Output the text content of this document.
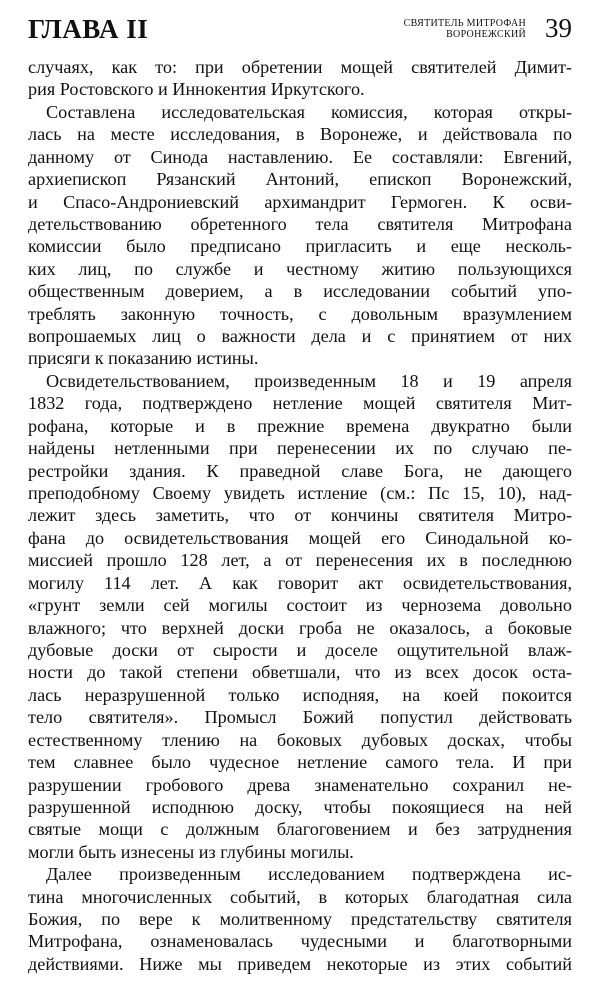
ГЛАВА II	СВЯТИТЕЛЬ МИТРОФАН
ВОРОНЕЖСКИЙ 39
случаях, как то: при обретении мощей святителей Димит-
рия Ростовского и Иннокентия Иркутского.
Составлена исследовательская комиссия, которая откры-
лась на месте исследования, в Воронеже, и действовала по
данному от Синода наставлению. Ее составляли: Евгений,
архиепископ Рязанский Антоний, епископ Воронежский,
и Спасо-Андрониевский архимандрит Гермоген. К осви-
детельствованию обретенного тела святителя Митрофана
комиссии было предписано пригласить и еще несколь-
ких лиц, по службе и честному житию пользующихся
общественным доверием, а в исследовании событий упо-
треблять законную точность, с довольным вразумлением
вопрошаемых лиц о важности дела и с принятием от них
присяги к показанию истины.
Освидетельствованием, произведенным 18 и 19 апреля
1832 года, подтверждено нетление мощей святителя Мит-
рофана, которые и в прежние времена двукратно были
найдены нетленными при перенесении их по случаю пе-
рестройки здания. К праведной славе Бога, не дающего
преподобному Своему увидеть истление (см.: Пс 15, 10), над-
лежит здесь заметить, что от кончины святителя Митро-
фана до освидетельствования мощей его Синодальной ко-
миссией прошло 128 лет, а от перенесения их в последнюю
могилу 114 лет. А как говорит акт освидетельствования,
«грунт земли сей могилы состоит из чернозема довольно
влажного; что верхней доски гроба не оказалось, а боковые
дубовые доски от сырости и доселе ощутительной влаж-
ности до такой степени обветшали, что из всех досок оста-
лась неразрушенной только исподняя, на коей покоится
тело святителя». Промысл Божий попустил действовать
естественному тлению на боковых дубовых досках, чтобы
тем славнее было чудесное нетление самого тела. И при
разрушении гробового древа знаменательно сохранил не-
разрушенной исподнюю доску, чтобы покоящиеся на ней
святые мощи с должным благоговением и без затруднения
могли быть изнесены из глубины могилы.
Далее произведенным исследованием подтверждена ис-
тина многочисленных событий, в которых благодатная сила
Божия, по вере к молитвенному предстательству святителя
Митрофана, ознаменовалась чудесными и благотворными
действиями. Ниже мы приведем некоторые из этих событий
